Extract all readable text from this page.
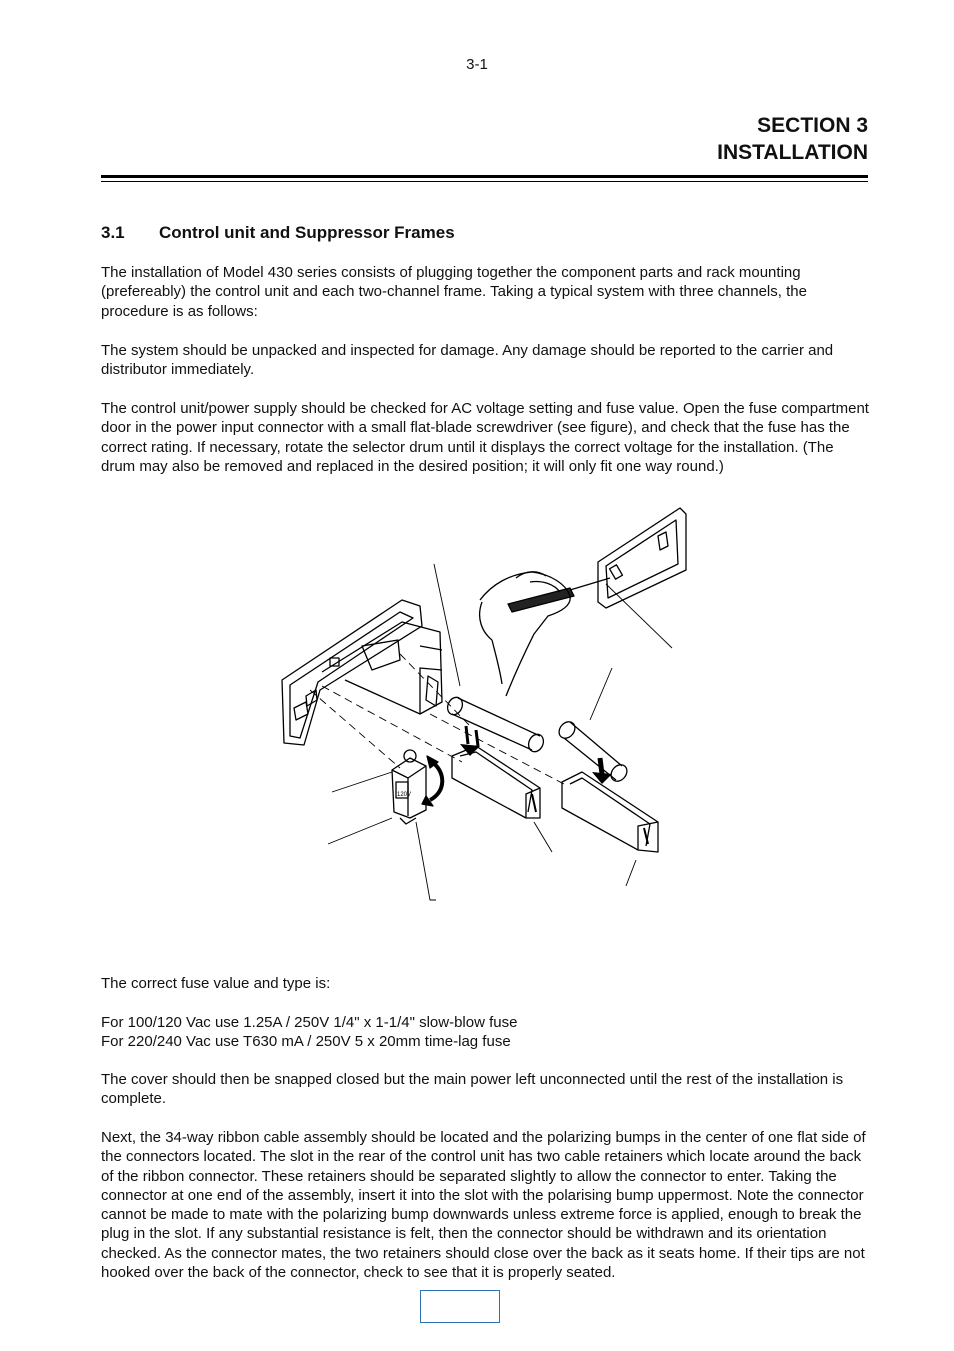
3-1
SECTION 3
INSTALLATION
3.1 Control unit and Suppressor Frames

The installation of Model 430 series consists of plugging together the component parts and rack mounting (prefereably) the control unit and each two-channel frame. Taking a typical system with three channels, the procedure is as follows:

The system should be unpacked and inspected for damage. Any damage should be reported to the carrier and distributor immediately.

The control unit/power supply should be checked for AC voltage setting and fuse value. Open the fuse compartment door in the power input connector with a small flat-blade screwdriver (see figure), and check that the fuse has the correct rating. If necessary, rotate the selector drum until it displays the correct voltage for the installation. (The drum may also be removed and replaced in the desired position; it will only fit one way round.)

120V

The correct fuse value and type is:

For 100/120 Vac use 1.25A / 250V 1/4" x 1-1/4" slow-blow fuse
For 220/240 Vac use T630 mA / 250V 5 x 20mm time-lag fuse

The cover should then be snapped closed but the main power left unconnected until the rest of the installation is complete.

Next, the 34-way ribbon cable assembly should be located and the polarizing bumps in the center of one flat side of the connectors located. The slot in the rear of the control unit has two cable retainers which locate around the back of the ribbon connector. These retainers should be separated slightly to allow the connector to enter. Taking the connector at one end of the assembly, insert it into the slot with the polarising bump uppermost. Note the connector cannot be made to mate with the polarizing bump downwards unless extreme force is applied, enough to break the plug in the slot. If any substantial resistance is felt, then the connector should be withdrawn and its orientation checked. As the connector mates, the two retainers should close over the back as it seats home. If their tips are not hooked over the back of the connector, check to see that it is properly seated.
